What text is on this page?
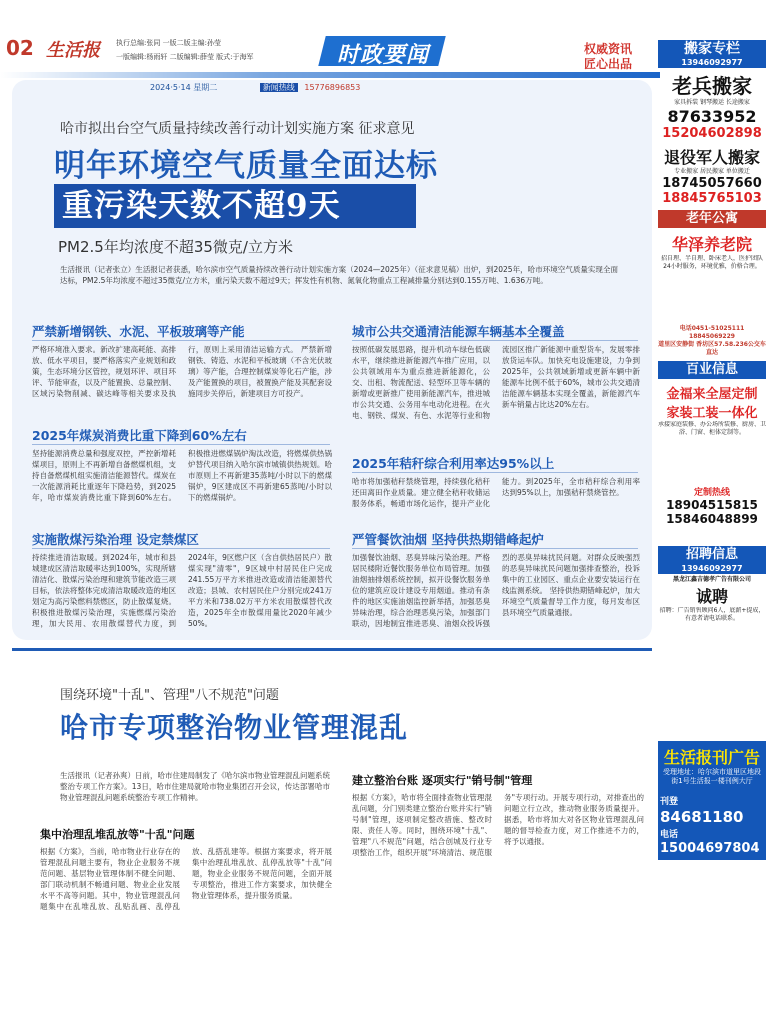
02 生活报 执行总编:张同 一版二版主编:孙莹
一版编辑:杨雨轩 二版编辑:薛莹 版式:于海军	时政要闻	权威资讯
匠心出品
2024·5·14 星期二	新闻热线 15776896853
哈市拟出台空气质量持续改善行动计划实施方案 征求意见
明年环境空气质量全面达标
重污染天数不超9天
PM2.5年均浓度不超35微克/立方米
生活报讯（记者张立）生活报记者获悉，哈尔滨市空气质量持续改善行动计划实施方案（2024—2025年）（征求意见稿）出炉，到2025年，哈市环境空气质量实现全面达标，PM2.5年均浓度不超过35微克/立方米，重污染天数不超过9天；挥发性有机物、氮氧化物重点工程减排量分别达到0.155万吨、1.636万吨。
严禁新增钢铁、水泥、平板玻璃等产能
严格环境准入要求。新改扩建高耗能、高排放、低水平项目，要严格落实产业规划和政策，生态环境分区管控，规划环评、项目环评、节能审查，以及产能置换、总量控制、区域污染物削减、碳达峰等相关要求及执行，原则上采用清洁运输方式。 严禁新增钢铁、铸造、水泥和平板玻璃（不含光伏玻璃）等产能，合理控制煤炭等化石产能，涉及产能置换的项目，被置换产能及其配套设施同步关停后，新建项目方可投产。
2025年煤炭消费比重下降到60%左右
坚持能源消费总量和强度双控，严控新增耗煤项目，原则上不再新增自备燃煤机组，支持自备燃煤机组实施清洁能源替代。煤炭在一次能源消耗比重逐年下降趋势，到2025年，哈市煤炭消费比重下降到60%左右。 积极推进燃煤锅炉淘汰改造，将燃煤供热锅炉替代项目纳入哈尔滨市城镇供热规划。哈市原则上不再新建35蒸吨/小时以下的燃煤锅炉，9区建成区不再新建65蒸吨/小时以下的燃煤锅炉。
实施散煤污染治理 设定禁煤区
持续推进清洁取暖。到2024年，城市和县城建成区清洁取暖率达到100%，实现所辖清洁化、散煤污染治理和建筑节能改造三项目标，依法将整体完成清洁取暖改造的地区划定为高污染燃料禁燃区，防止散煤复烧。 积极推进散煤污染治理，实施燃煤污染治理，加大民用、农用散煤替代力度，到2024年，9区燃户区（含自供热居民户）散煤实现"清零"，9区城中村居民住户完成241.55万平方米推进改造或清洁能源替代改造；县城、农村居民住户分别完成241万平方米和738.02万平方米农用散煤替代改造，2025年全市散煤用量比2020年减少50%。
城市公共交通清洁能源车辆基本全覆盖
按照低碳发展思路，提升机动车绿色低碳水平，继续推进新能源汽车推广应用，以公共领域用车为重点推进新能源化，公交、出租、物流配送、轻型环卫等车辆的新增或更新推广使用新能源汽车，推进城市公共交通、公务用车电动化进程。在火电、钢铁、煤炭、有色、水泥等行业和物流园区推广新能源中重型货车，发展零排放货运车队。加快充电设施建设，力争到2025年，公共领域新增或更新车辆中新能源车比例不低于60%，城市公共交通清洁能源车辆基本实现全覆盖，新能源汽车新车销量占比达20%左右。
2025年秸秆综合利用率达95%以上
哈市将加强秸秆禁烧管理，持续强化秸秆还田离田作业质量。建立健全秸秆收储运服务体系，畅通市场化运作，提升产业化能力。到2025年，全市秸秆综合利用率达到95%以上，加强秸秆禁烧管控。
严管餐饮油烟 坚持供热期错峰起炉
加强餐饮油烟、恶臭异味污染治理。严格居民楼附近餐饮服务单位布局管理。加强油烟抽排烟系统控制，拟开设餐饮服务单位的建筑应设计建设专用烟道。推动有条件的地区实施油烟监控新举措，加强恶臭异味治理，综合治理恶臭污染，加强部门联动，因地制宜推进恶臭、油烟众投诉强烈的恶臭异味扰民问题。对群众反映强烈的恶臭异味扰民问题加强排查整治，投诉集中的工业园区、重点企业要安装运行在线监测系统。 坚持供热期错峰起炉，加大环境空气质量督导工作力度，每月发布区县环境空气质量通报。
围绕环境"十乱"、管理"八不规范"问题
哈市专项整治物业管理混乱
生活报讯（记者孙爽）日前，哈市住建局制发了《哈尔滨市物业管理混乱问题系统整治专项工作方案》。13日，哈市住建局就哈市物业集团召开会议，传达部署哈市物业管理混乱问题系统整治专项工作精神。
集中治理乱堆乱放等"十乱"问题
根据《方案》，当前，哈市物业行业存在的管理混乱问题主要有，物业企业服务不规范问题、基层物业管理体制不健全问题、部门联动机制不畅通问题、物业企业发展水平不高等问题。其中，物业管理混乱问题集中在乱堆乱放、乱贴乱画、乱停乱放、乱搭乱建等。根据方案要求，将开展集中治理乱堆乱放、乱停乱放等"十乱"问题，物业企业服务不规范问题，全面开展专项整治，推进工作方案要求，加快健全物业管理体系，提升服务质量。
建立整治台账 逐项实行"销号制"管理
根据《方案》，哈市将全面排查物业管理混乱问题，分门别类建立整治台账并实行"销号制"管理，逐项制定整改措施、整改时限、责任人等。同时，围绕环境"十乱"、管理"八不规范"问题，结合创城及行业专项整治工作，组织开展"环境清洁、规范服务"专项行动。开展专项行动，对排查出的问题立行立改，推动物业服务质量提升。 据悉，哈市将加大对各区物业管理混乱问题的督导检查力度，对工作推进不力的，将予以通报。
搬家专栏
13946092977
老兵搬家
家具拆装 钢琴搬运 长途搬家
87633952
15204602898
退役军人搬家
专业搬家 居民搬家 单位搬迁
18745057660
18845765103
老年公寓
华泽养老院
招自理、半自理、卧床老人，医护团队24小时服务，环境优雅，价格合理。
电话0451-51025111 18845069229
道里区安静街 香坊区57.58.236公交车直达
百业信息
金福来全屋定制
家装工装一体化
承接家庭装修、办公场所装修、厨房、卫浴、门窗、柜体定制等。
定制热线
18904515815
15846048899
招聘信息
13946092977
黑龙江鑫吉德孝广告有限公司
诚聘
招聘：广告销售顾问6人，底薪+提成，有意者请电话联系。
生活报刊广告
受理地址：哈尔滨市道里区地段街1号生活报一楼刊例大厅
刊登 84681180
电话 15004697804
